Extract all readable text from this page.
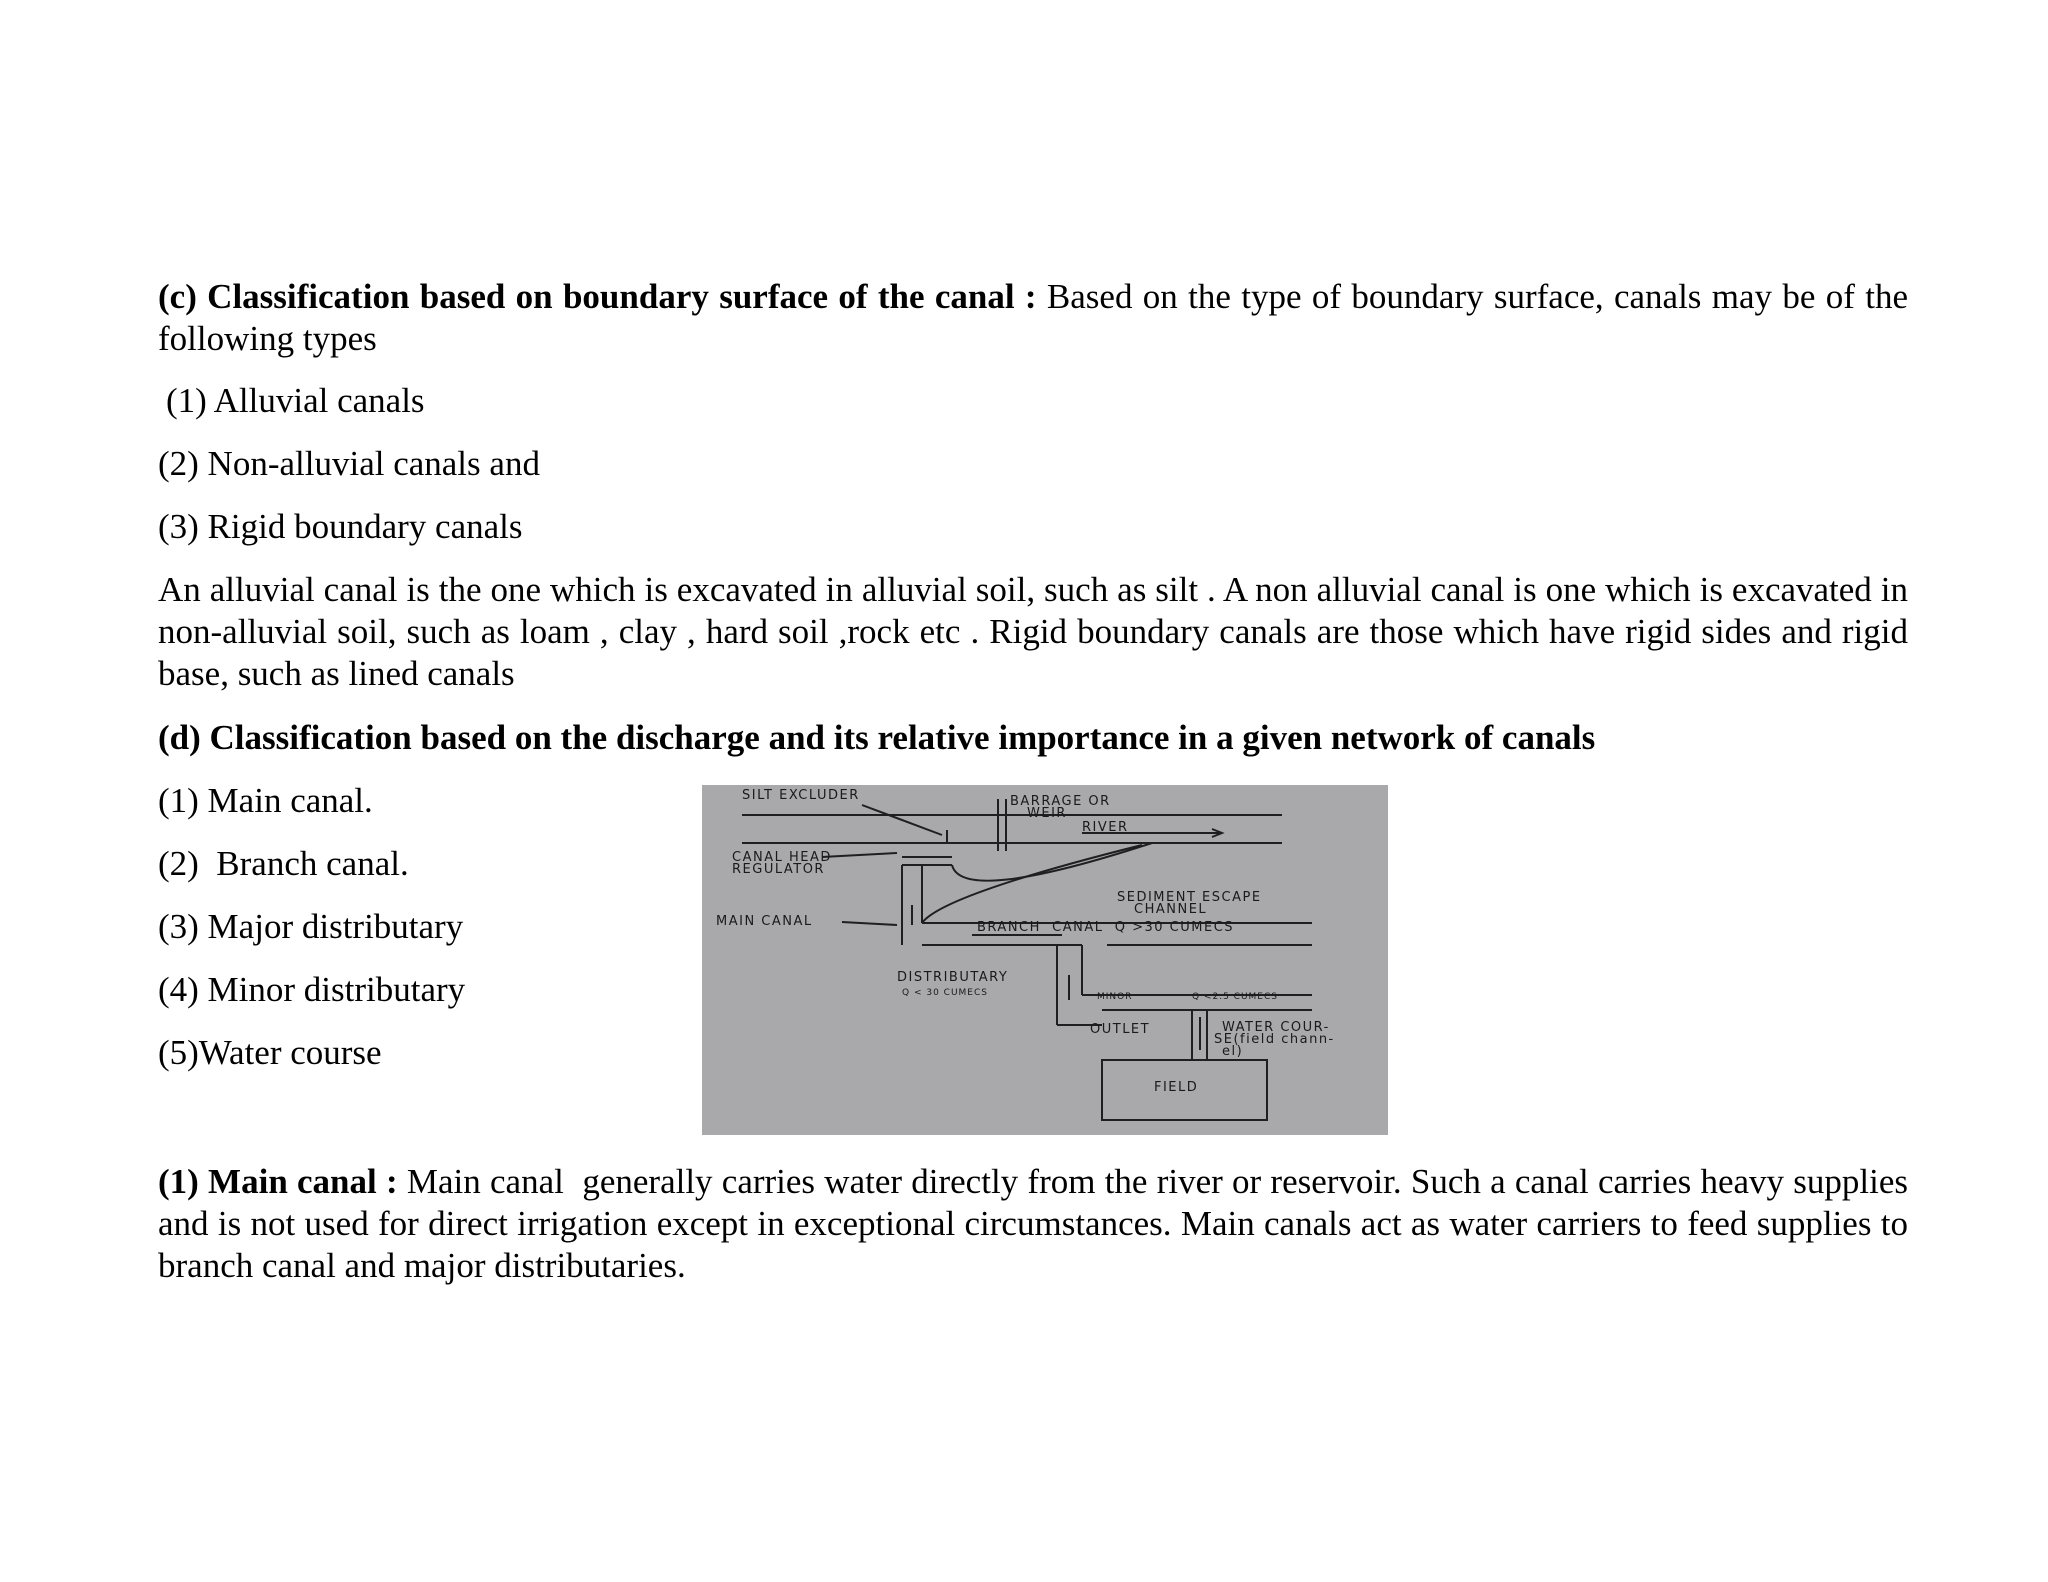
(c) Classification based on boundary surface of the canal : Based on the type of boundary surface, canals may be of the following types

(1) Alluvial canals

(2) Non-alluvial canals and

(3) Rigid boundary canals

An alluvial canal is the one which is excavated in alluvial soil, such as silt . A non alluvial canal is one which is excavated in non-alluvial soil, such as loam , clay , hard soil ,rock etc . Rigid boundary canals are those which have rigid sides and rigid base, such as lined canals

(d) Classification based on the discharge and its relative importance in a given network of canals

(1) Main canal.

(2)  Branch canal.

(3) Major distributary

(4) Minor distributary

(5)Water course

(1) Main canal : Main canal  generally carries water directly from the river or reservoir. Such a canal carries heavy supplies and is not used for direct irrigation except in exceptional circumstances. Main canals act as water carriers to feed supplies to branch canal and major distributaries.

SILT EXCLUDER	BARRAGE OR
WEIR
RIVER
CANAL HEAD
REGULATOR
SEDIMENT ESCAPE
CHANNEL
MAIN CANAL	BRANCH  CANAL  Q >30 CUMECS
DISTRIBUTARY
Q < 30 CUMECS	MINOR	Q <2.5 CUMECS
OUTLET	WATER COUR-
SE(field chann-
el)
FIELD
